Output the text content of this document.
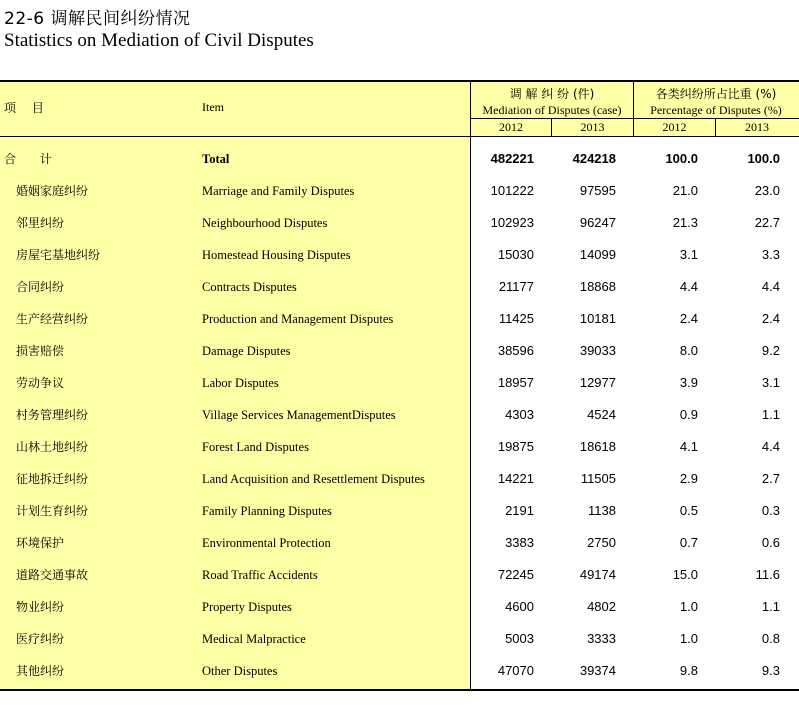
22-6 调解民间纠纷情况
Statistics on Mediation of Civil Disputes
项 目	Item
调 解 纠 纷 (件)
Mediation of Disputes (case)
各类纠纷所占比重 (%)
Percentage of Disputes (%)
2012	2013	2012	2013
合 计	Total	482221	424218	100.0	100.0
婚姻家庭纠纷	Marriage and Family Disputes	101222	97595	21.0	23.0
邻里纠纷	Neighbourhood Disputes	102923	96247	21.3	22.7
房屋宅基地纠纷	Homestead Housing Disputes	15030	14099	3.1	3.3
合同纠纷	Contracts Disputes	21177	18868	4.4	4.4
生产经营纠纷	Production and Management Disputes	11425	10181	2.4	2.4
损害赔偿	Damage Disputes	38596	39033	8.0	9.2
劳动争议	Labor Disputes	18957	12977	3.9	3.1
村务管理纠纷	Village Services ManagementDisputes	4303	4524	0.9	1.1
山林土地纠纷	Forest Land Disputes	19875	18618	4.1	4.4
征地拆迁纠纷	Land Acquisition and Resettlement Disputes	14221	11505	2.9	2.7
计划生育纠纷	Family Planning Disputes	2191	1138	0.5	0.3
环境保护	Environmental Protection	3383	2750	0.7	0.6
道路交通事故	Road Traffic Accidents	72245	49174	15.0	11.6
物业纠纷	Property Disputes	4600	4802	1.0	1.1
医疗纠纷	Medical Malpractice	5003	3333	1.0	0.8
其他纠纷	Other Disputes	47070	39374	9.8	9.3
